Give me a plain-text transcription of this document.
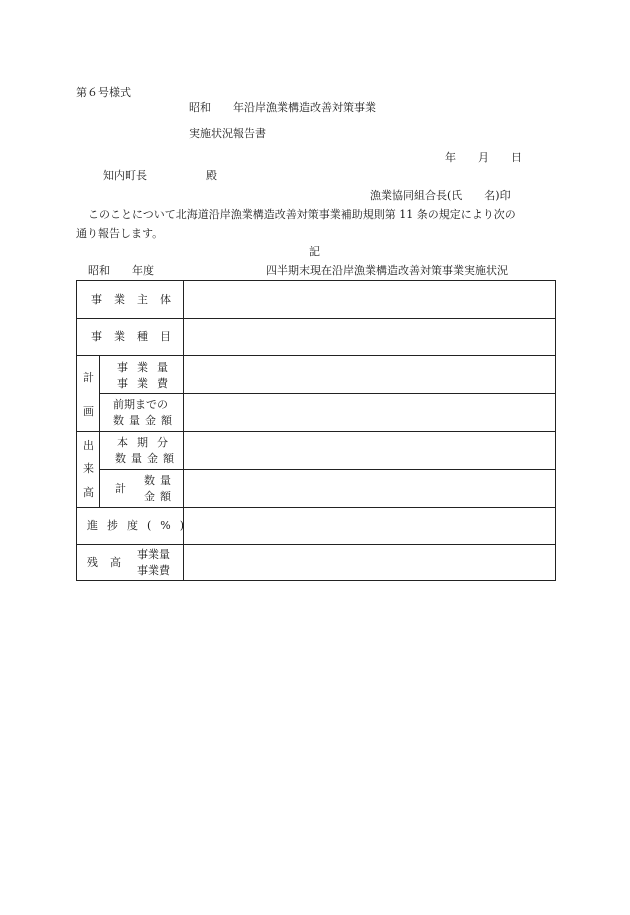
第６号様式
昭和　　年沿岸漁業構造改善対策事業
実施状況報告書
年　　月　　日
知内町長	殿
漁業協同組合長(氏　　名)印
このことについて北海道沿岸漁業構造改善対策事業補助規則第 11 条の規定により次の
通り報告します。
記
昭和　　年度	四半期末現在沿岸漁業構造改善対策事業実施状況
事業主体
事業種目
計
画
事業量
事業費
前期までの
数量金額
出
来
高
本期分
数量金額
計
数量
金額
進捗度(%)
残高
事業量
事業費
